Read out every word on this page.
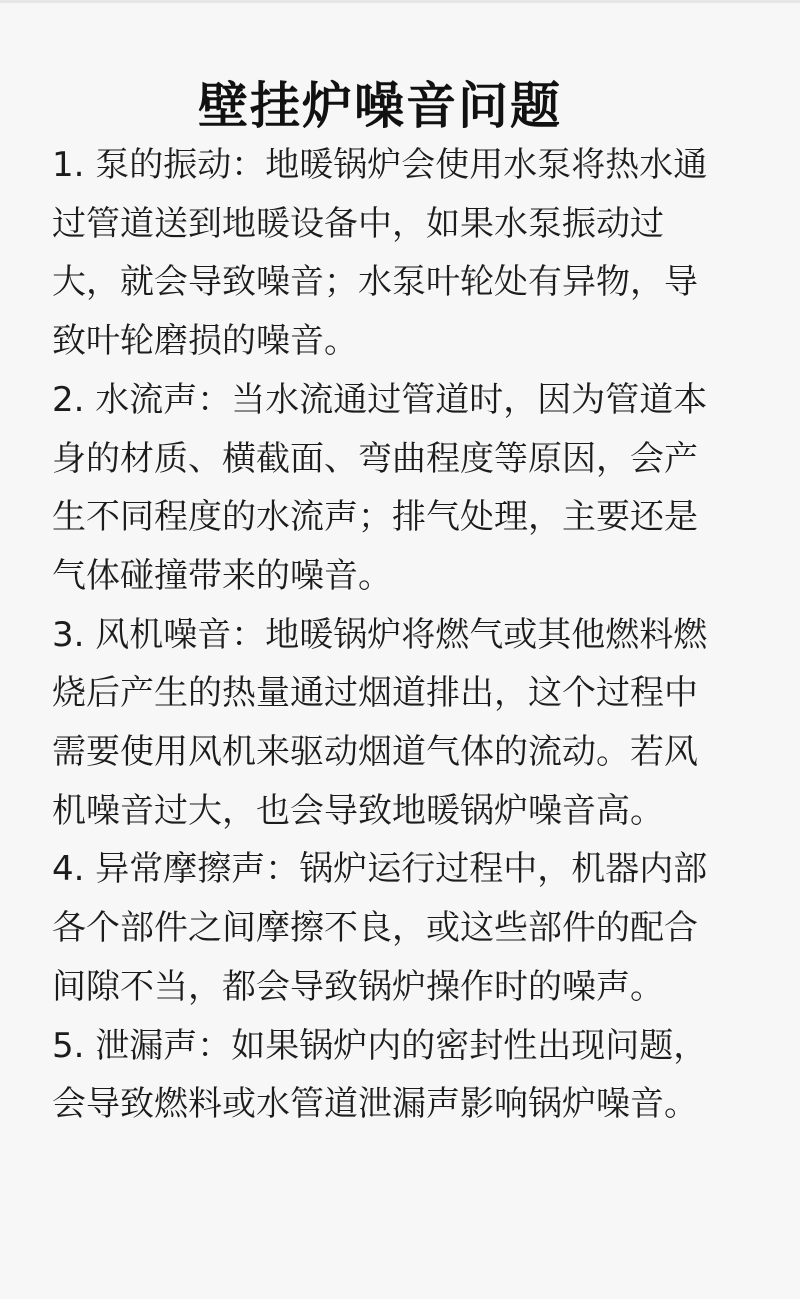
壁挂炉噪音问题
1. 泵的振动：地暖锅炉会使用水泵将热水通
过管道送到地暖设备中，如果水泵振动过
大，就会导致噪音；水泵叶轮处有异物，导
致叶轮磨损的噪音。
2. 水流声：当水流通过管道时，因为管道本
身的材质、横截面、弯曲程度等原因，会产
生不同程度的水流声；排气处理，主要还是
气体碰撞带来的噪音。
3. 风机噪音：地暖锅炉将燃气或其他燃料燃
烧后产生的热量通过烟道排出，这个过程中
需要使用风机来驱动烟道气体的流动。若风
机噪音过大，也会导致地暖锅炉噪音高。
4. 异常摩擦声：锅炉运行过程中，机器内部
各个部件之间摩擦不良，或这些部件的配合
间隙不当，都会导致锅炉操作时的噪声。
5. 泄漏声：如果锅炉内的密封性出现问题，
会导致燃料或水管道泄漏声影响锅炉噪音。
